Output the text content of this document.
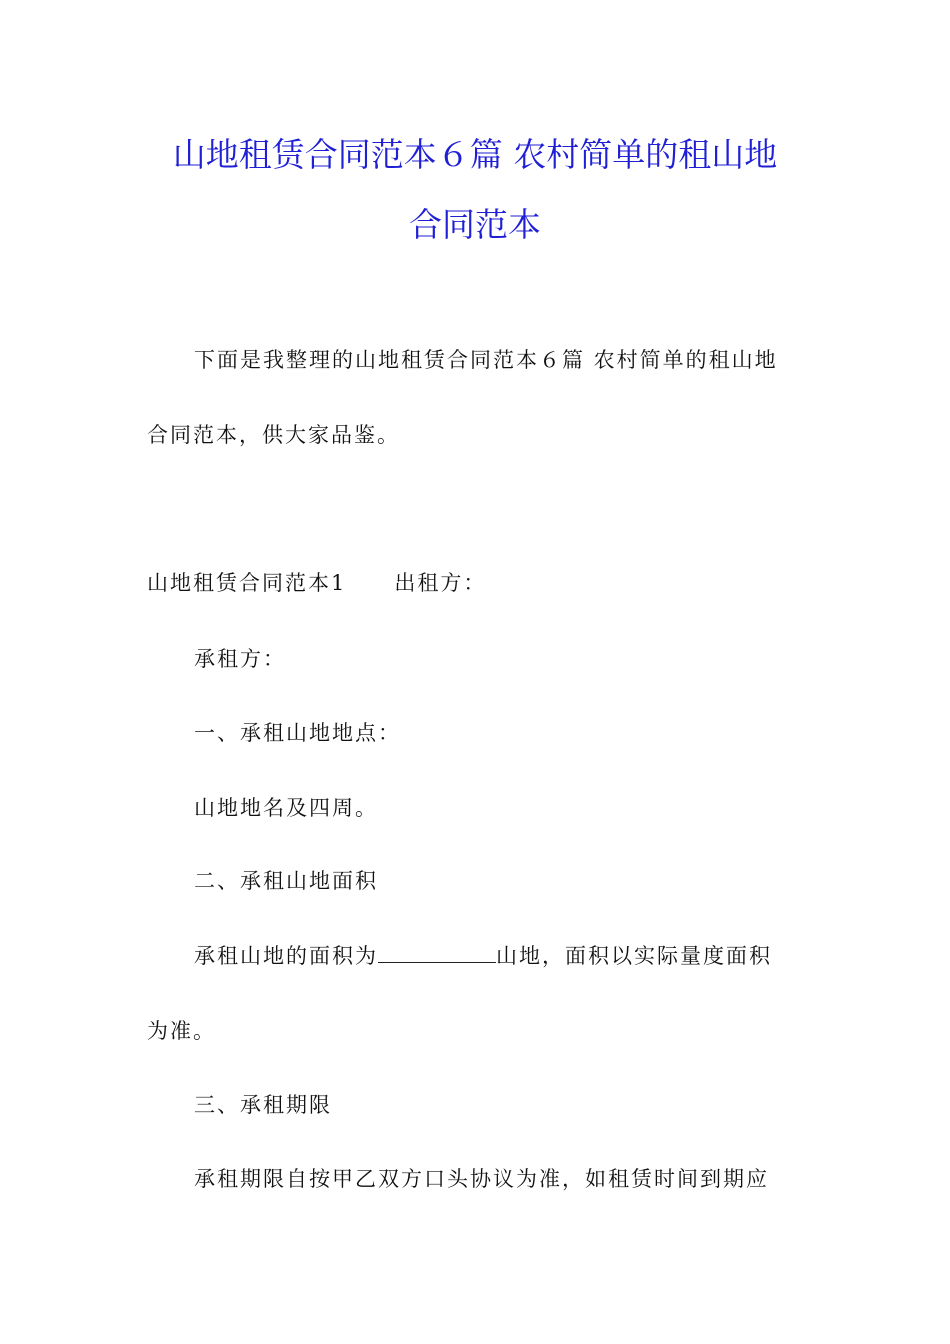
山地租赁合同范本６篇 农村简单的租山地
合同范本
下面是我整理的山地租赁合同范本６篇 农村简单的租山地
合同范本，供大家品鉴。
山地租赁合同范本1 出租方：
承租方：
一、承租山地地点：
山地地名及四周。
二、承租山地面积
承租山地的面积为	山地，面积以实际量度面积
为准。
三、承租期限
承租期限自按甲乙双方口头协议为准，如租赁时间到期应
